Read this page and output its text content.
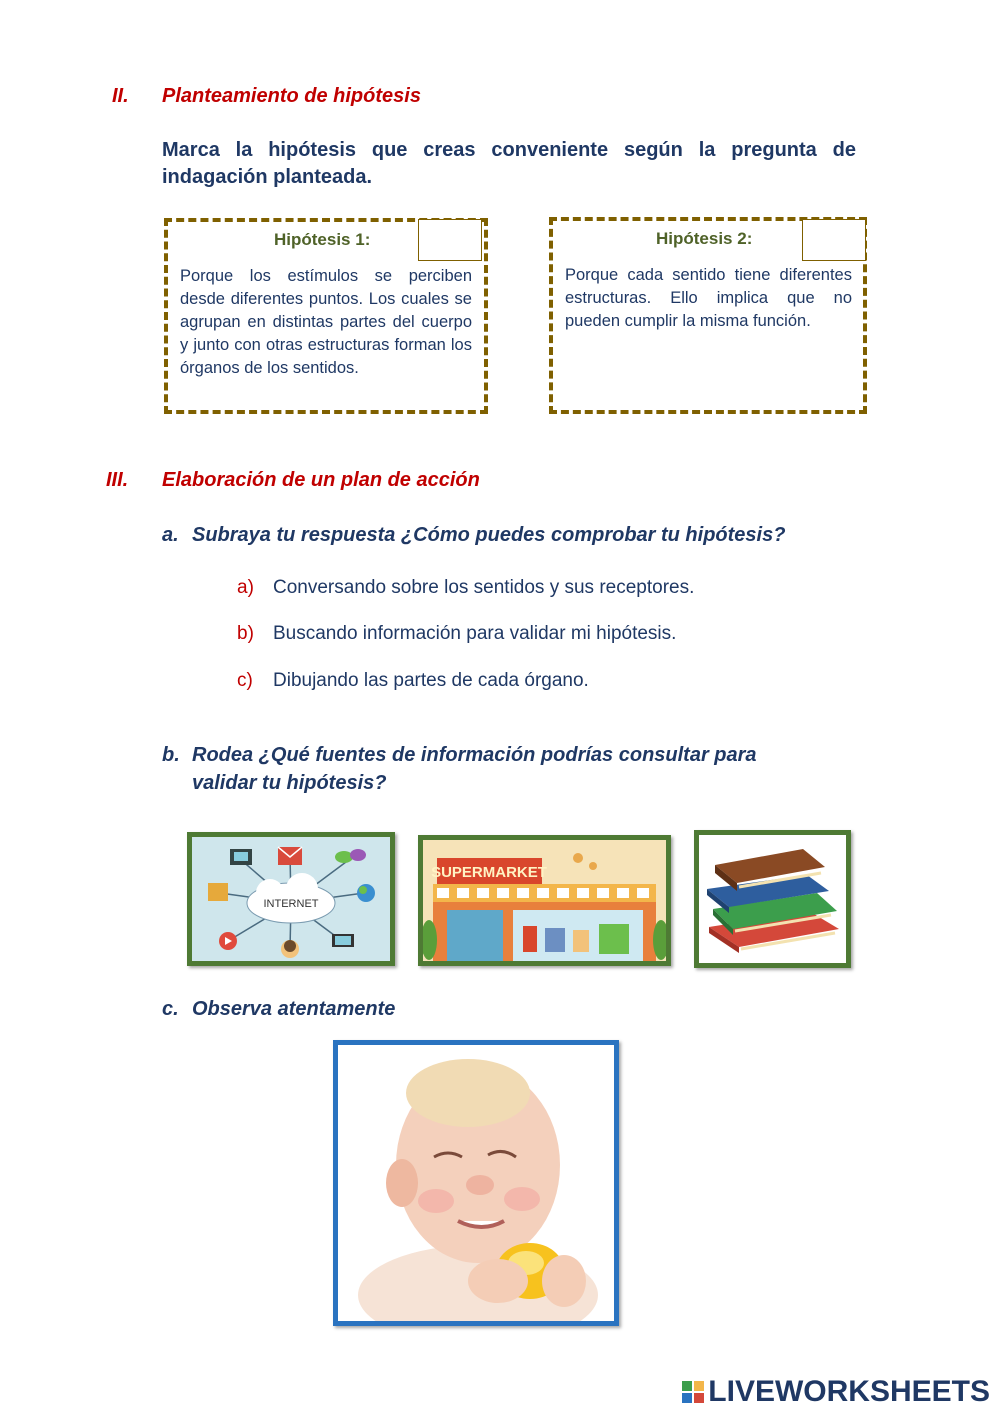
II. Planteamiento de hipótesis
Marca la hipótesis que creas conveniente según la pregunta de indagación planteada.
Hipótesis 1:
Porque los estímulos se perciben desde diferentes puntos. Los cuales se agrupan en distintas partes del cuerpo y junto con otras estructuras forman los órganos de los sentidos.
Hipótesis 2:
Porque cada sentido tiene diferentes estructuras. Ello implica que no pueden cumplir la misma función.
III. Elaboración de un plan de acción
a. Subraya tu respuesta ¿Cómo puedes comprobar tu hipótesis?
a) Conversando sobre los sentidos y sus receptores.
b) Buscando información para validar mi hipótesis.
c) Dibujando las partes de cada órgano.
b. Rodea ¿Qué fuentes de información podrías consultar para
validar tu hipótesis?
INTERNET
SUPERMARKET
c. Observa atentamente
LIVEWORKSHEETS
